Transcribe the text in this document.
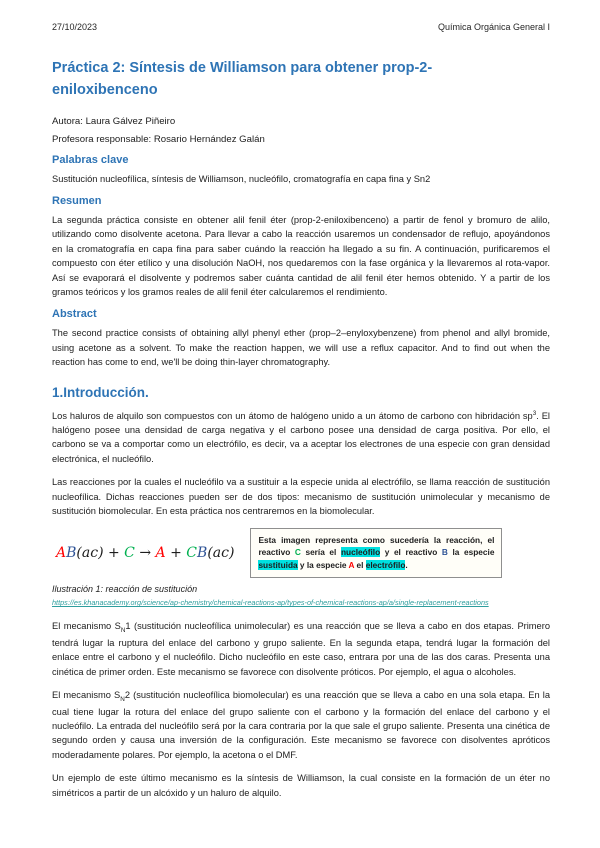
27/10/2023	Química Orgánica General I
Práctica 2: Síntesis de Williamson para obtener prop-2-eniloxibenceno

Autora: Laura Gálvez Piñeiro

Profesora responsable: Rosario Hernández Galán

Palabras clave

Sustitución nucleofílica, síntesis de Williamson, nucleófilo, cromatografía en capa fina y Sn2

Resumen

La segunda práctica consiste en obtener alil fenil éter (prop-2-eniloxibenceno) a partir de fenol y bromuro de alilo, utilizando como disolvente acetona. Para llevar a cabo la reacción usaremos un condensador de reflujo, apoyándonos en la cromatografía en capa fina para saber cuándo la reacción ha llegado a su fin. A continuación, purificaremos el compuesto con éter etílico y una disolución NaOH, nos quedaremos con la fase orgánica y la llevaremos al rota-vapor. Así se evaporará el disolvente y podremos saber cuánta cantidad de alil fenil éter hemos obtenido. Y a partir de los gramos teóricos y los gramos reales de alil fenil éter calcularemos el rendimiento.

Abstract

The second practice consists of obtaining allyl phenyl ether (prop–2–enyloxybenzene) from phenol and allyl bromide, using acetone as a solvent. To make the reaction happen, we will use a reflux capacitor. And to find out when the reaction has come to end, we'll be doing thin-layer chromatography.

1.Introducción.

Los haluros de alquilo son compuestos con un átomo de halógeno unido a un átomo de carbono con hibridación $sp^3$. El halógeno posee una densidad de carga negativa y el carbono posee una densidad de carga positiva. Por ello, el carbono se va a comportar como un electrófilo, es decir, va a aceptar los electrones de una especie con gran densidad electrónica, el nucleófilo.

Las reacciones por la cuales el nucleófilo va a sustituir a la especie unida al electrófilo, se llama reacción de sustitución nucleofílica. Dichas reacciones pueden ser de dos tipos: mecanismo de sustitución unimolecular y mecanismo de sustitución biomolecular. En esta práctica nos centraremos en la biomolecular.

AB(ac) + C → A + CB(ac)
Esta imagen representa como sucedería la reacción, el reactivo C sería el nucleófilo y el reactivo B la especie sustituida y la especie A el electrófilo.

Ilustración 1: reacción de sustitución

https://es.khanacademy.org/science/ap-chemistry/chemical-reactions-ap/types-of-chemical-reactions-ap/a/single-replacement-reactions

El mecanismo $S_N1$ (sustitución nucleofílica unimolecular) es una reacción que se lleva a cabo en dos etapas. Primero tendrá lugar la ruptura del enlace del carbono y grupo saliente. En la segunda etapa, tendrá lugar la formación del enlace entre el carbono y el nucleófilo. Dicho nucleófilo en este caso, entrara por una de las dos caras. Presenta una cinética de primer orden. Este mecanismo se favorece con disolvente próticos. Por ejemplo, el agua o alcoholes.

El mecanismo $S_N2$ (sustitución nucleofílica biomolecular) es una reacción que se lleva a cabo en una sola etapa. En la cual tiene lugar la rotura del enlace del grupo saliente con el carbono y la formación del enlace del carbono y el nucleófilo. La entrada del nucleófilo será por la cara contraria por la que sale el grupo saliente. Presenta una cinética de segundo orden y causa una inversión de la configuración. Este mecanismo se favorece con disolventes apróticos moderadamente polares. Por ejemplo, la acetona o el DMF.

Un ejemplo de este último mecanismo es la síntesis de Williamson, la cual consiste en la formación de un éter no simétricos a partir de un alcóxido y un haluro de alquilo.
